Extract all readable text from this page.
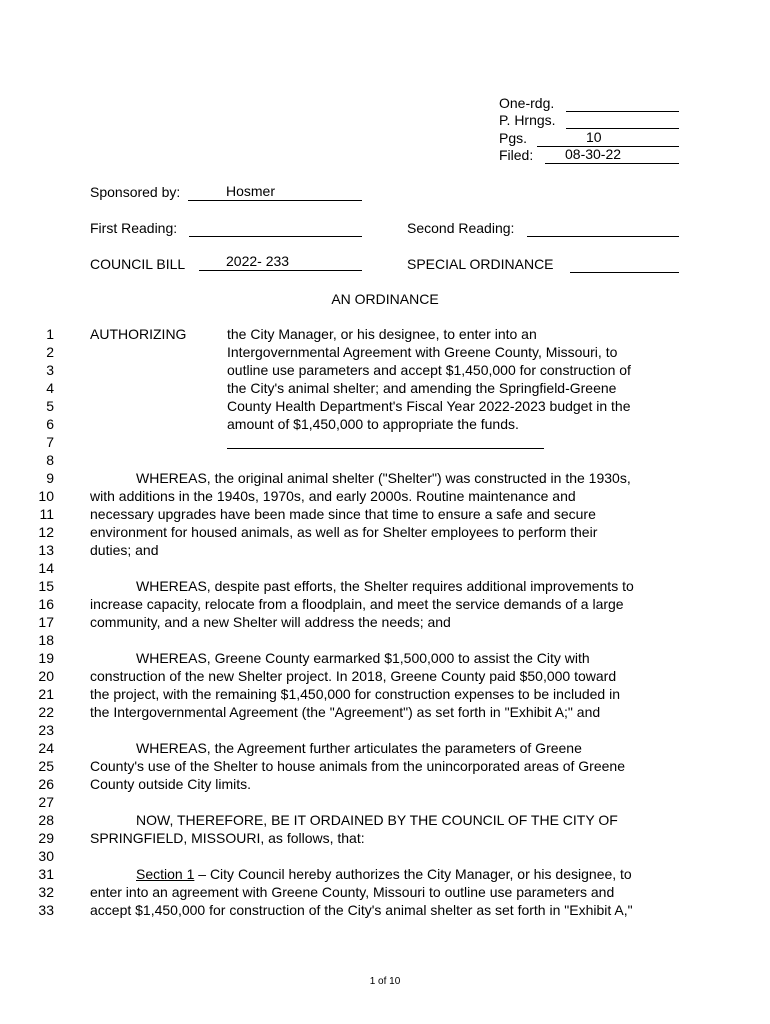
One-rdg.
P. Hrngs.
Pgs.	10
Filed: 08-30-22
Sponsored by:	Hosmer
First Reading:	Second Reading:
COUNCIL BILL	2022- 233	SPECIAL ORDINANCE
AN ORDINANCE
1
2
3
4
5
6
7
8
9
10
11
12
13
14
15
16
17
18
19
20
21
22
23
24
25
26
27
28
29
30
31
32
33
AUTHORIZING	the City Manager, or his designee, to enter into an
Intergovernmental Agreement with Greene County, Missouri, to
outline use parameters and accept $1,450,000 for construction of
the City's animal shelter; and amending the Springfield-Greene
County Health Department's Fiscal Year 2022-2023 budget in the
amount of $1,450,000 to appropriate the funds.
WHEREAS, the original animal shelter ("Shelter") was constructed in the 1930s,
with additions in the 1940s, 1970s, and early 2000s. Routine maintenance and
necessary upgrades have been made since that time to ensure a safe and secure
environment for housed animals, as well as for Shelter employees to perform their
duties; and
WHEREAS, despite past efforts, the Shelter requires additional improvements to
increase capacity, relocate from a floodplain, and meet the service demands of a large
community, and a new Shelter will address the needs; and
WHEREAS, Greene County earmarked $1,500,000 to assist the City with
construction of the new Shelter project. In 2018, Greene County paid $50,000 toward
the project, with the remaining $1,450,000 for construction expenses to be included in
the Intergovernmental Agreement (the "Agreement") as set forth in "Exhibit A;" and
WHEREAS, the Agreement further articulates the parameters of Greene
County's use of the Shelter to house animals from the unincorporated areas of Greene
County outside City limits.
NOW, THEREFORE, BE IT ORDAINED BY THE COUNCIL OF THE CITY OF
SPRINGFIELD, MISSOURI, as follows, that:
Section 1 – City Council hereby authorizes the City Manager, or his designee, to
enter into an agreement with Greene County, Missouri to outline use parameters and
accept $1,450,000 for construction of the City's animal shelter as set forth in "Exhibit A,"
1 of 10
